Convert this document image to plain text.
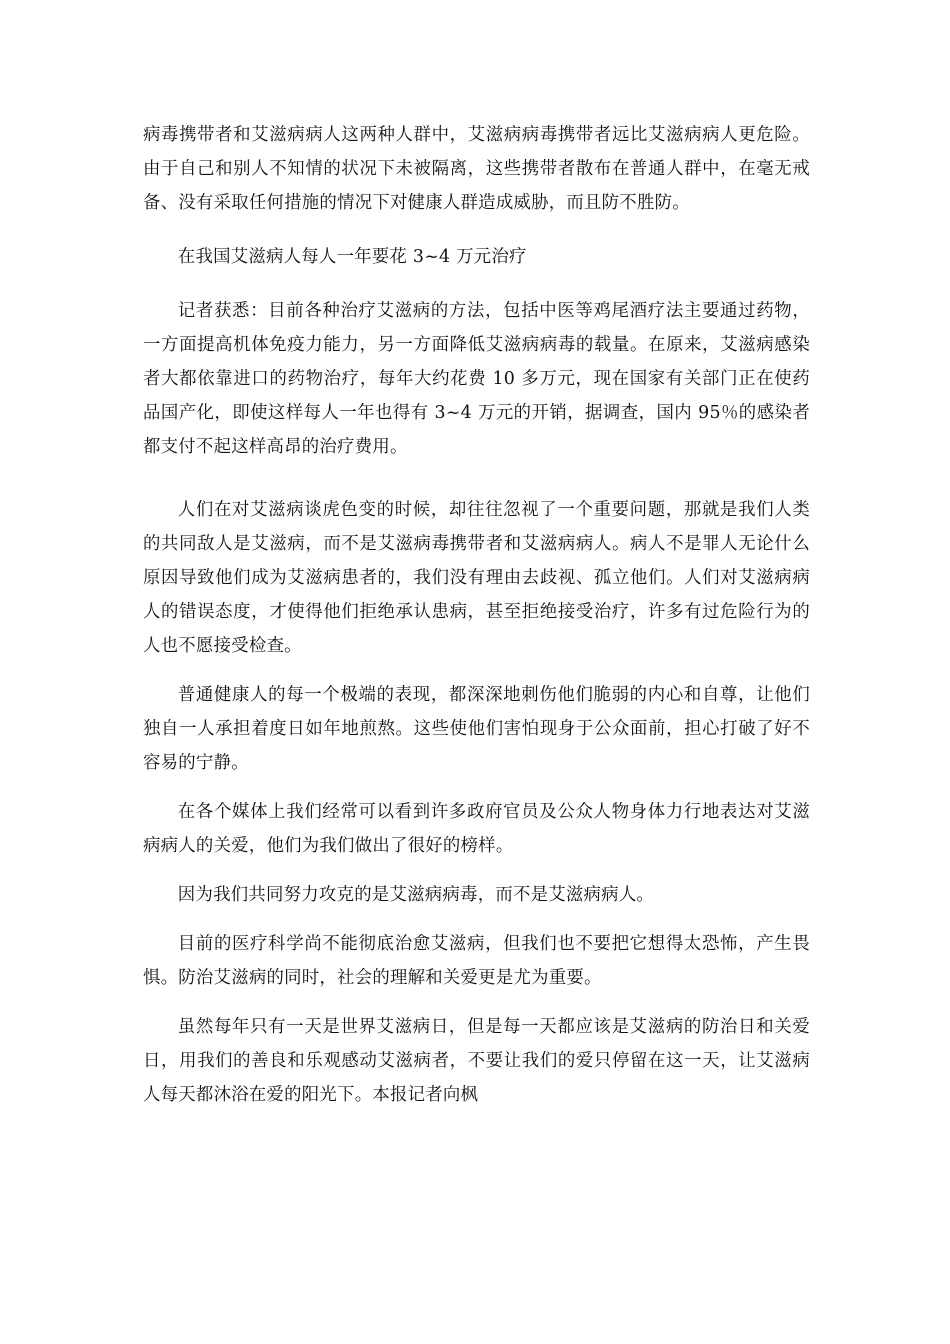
病毒携带者和艾滋病病人这两种人群中，艾滋病病毒携带者远比艾滋病病人更危险。由于自己和别人不知情的状况下未被隔离，这些携带者散布在普通人群中，在毫无戒备、没有采取任何措施的情况下对健康人群造成威胁，而且防不胜防。

在我国艾滋病人每人一年要花 3~4 万元治疗

记者获悉：目前各种治疗艾滋病的方法，包括中医等鸡尾酒疗法主要通过药物，一方面提高机体免疫力能力，另一方面降低艾滋病病毒的载量。在原来，艾滋病感染者大都依靠进口的药物治疗，每年大约花费 10 多万元，现在国家有关部门正在使药品国产化，即使这样每人一年也得有 3~4 万元的开销，据调查，国内 95％的感染者都支付不起这样高昂的治疗费用。

人们在对艾滋病谈虎色变的时候，却往往忽视了一个重要问题，那就是我们人类的共同敌人是艾滋病，而不是艾滋病毒携带者和艾滋病病人。病人不是罪人无论什么原因导致他们成为艾滋病患者的，我们没有理由去歧视、孤立他们。人们对艾滋病病人的错误态度，才使得他们拒绝承认患病，甚至拒绝接受治疗，许多有过危险行为的人也不愿接受检查。

普通健康人的每一个极端的表现，都深深地刺伤他们脆弱的内心和自尊，让他们独自一人承担着度日如年地煎熬。这些使他们害怕现身于公众面前，担心打破了好不容易的宁静。

在各个媒体上我们经常可以看到许多政府官员及公众人物身体力行地表达对艾滋病病人的关爱，他们为我们做出了很好的榜样。

因为我们共同努力攻克的是艾滋病病毒，而不是艾滋病病人。

目前的医疗科学尚不能彻底治愈艾滋病，但我们也不要把它想得太恐怖，产生畏惧。防治艾滋病的同时，社会的理解和关爱更是尤为重要。

虽然每年只有一天是世界艾滋病日，但是每一天都应该是艾滋病的防治日和关爱日，用我们的善良和乐观感动艾滋病者，不要让我们的爱只停留在这一天，让艾滋病人每天都沐浴在爱的阳光下。本报记者向枫
